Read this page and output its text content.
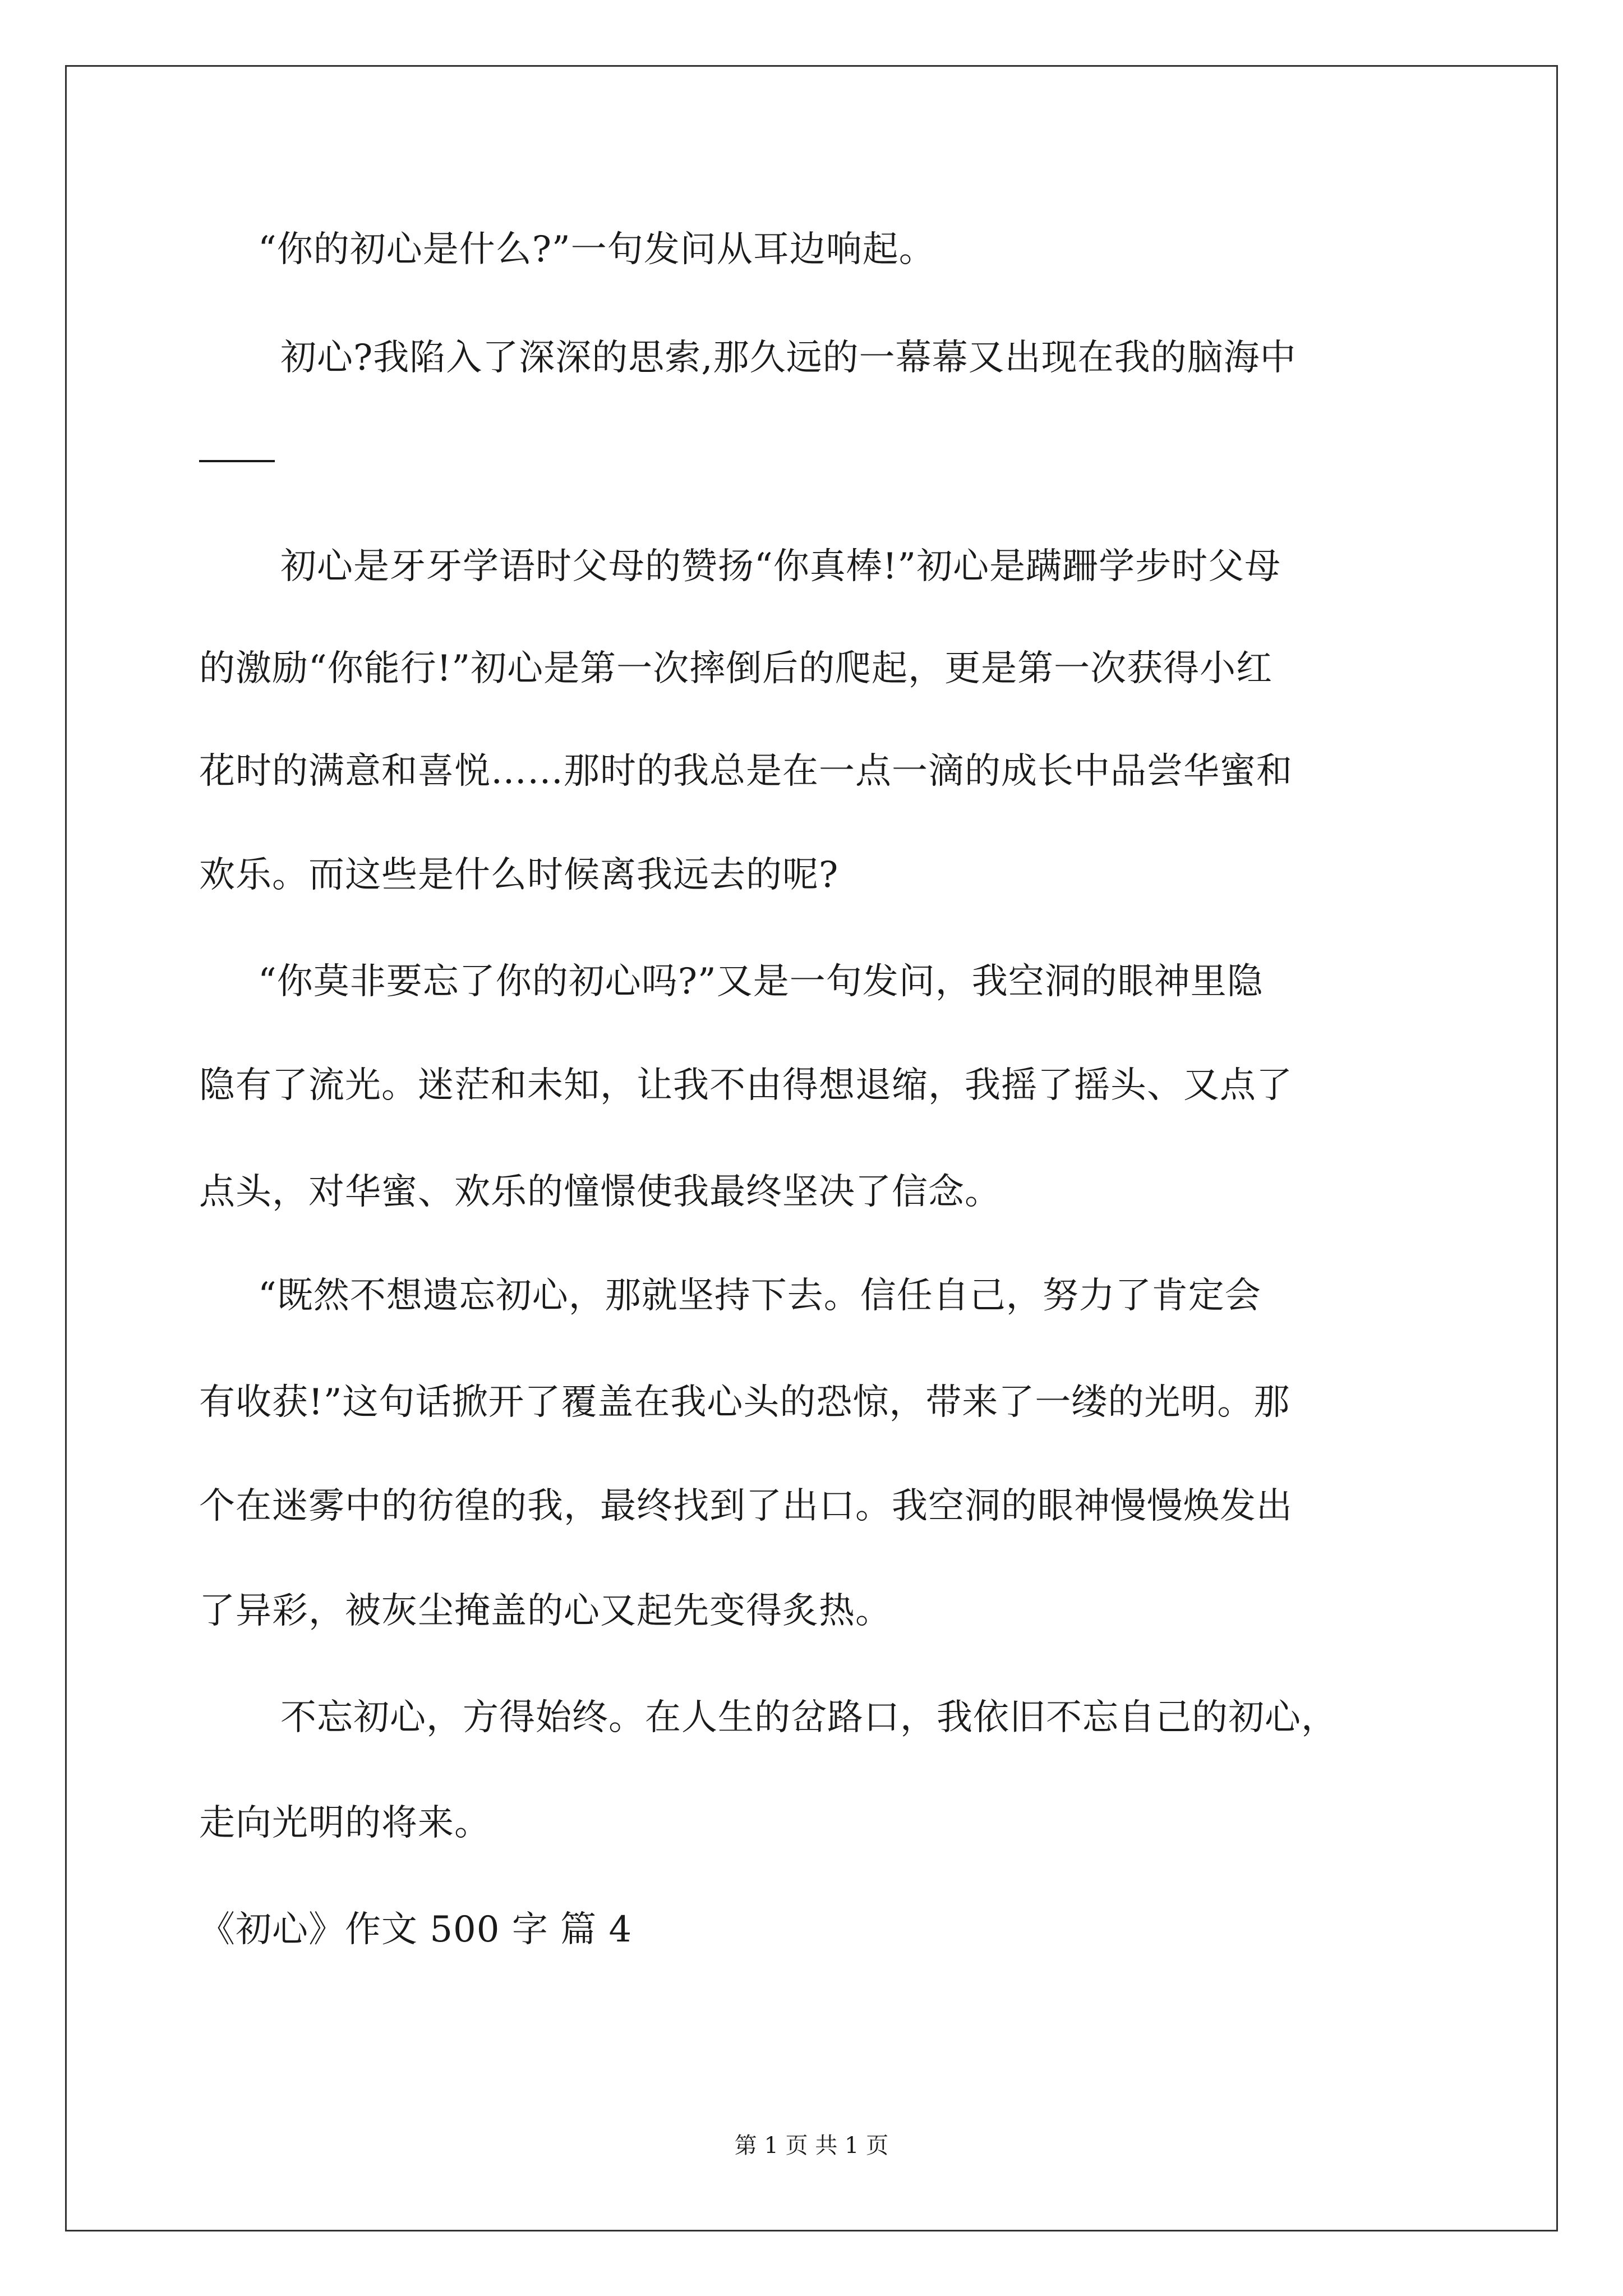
“你的初心是什么?”一句发问从耳边响起。
初心?我陷入了深深的思索,那久远的一幕幕又出现在我的脑海中
初心是牙牙学语时父母的赞扬“你真棒!”初心是蹒跚学步时父母
的激励“你能行!”初心是第一次摔倒后的爬起，更是第一次获得小红
花时的满意和喜悦……那时的我总是在一点一滴的成长中品尝华蜜和
欢乐。而这些是什么时候离我远去的呢?
“你莫非要忘了你的初心吗?”又是一句发问，我空洞的眼神里隐
隐有了流光。迷茫和未知，让我不由得想退缩，我摇了摇头、又点了
点头，对华蜜、欢乐的憧憬使我最终坚决了信念。
“既然不想遗忘初心，那就坚持下去。信任自己，努力了肯定会
有收获!”这句话掀开了覆盖在我心头的恐惊，带来了一缕的光明。那
个在迷雾中的彷徨的我，最终找到了出口。我空洞的眼神慢慢焕发出
了异彩，被灰尘掩盖的心又起先变得炙热。
不忘初心，方得始终。在人生的岔路口，我依旧不忘自己的初心，
走向光明的将来。
《初心》作文 500 字 篇 4
第 1 页 共 1 页
